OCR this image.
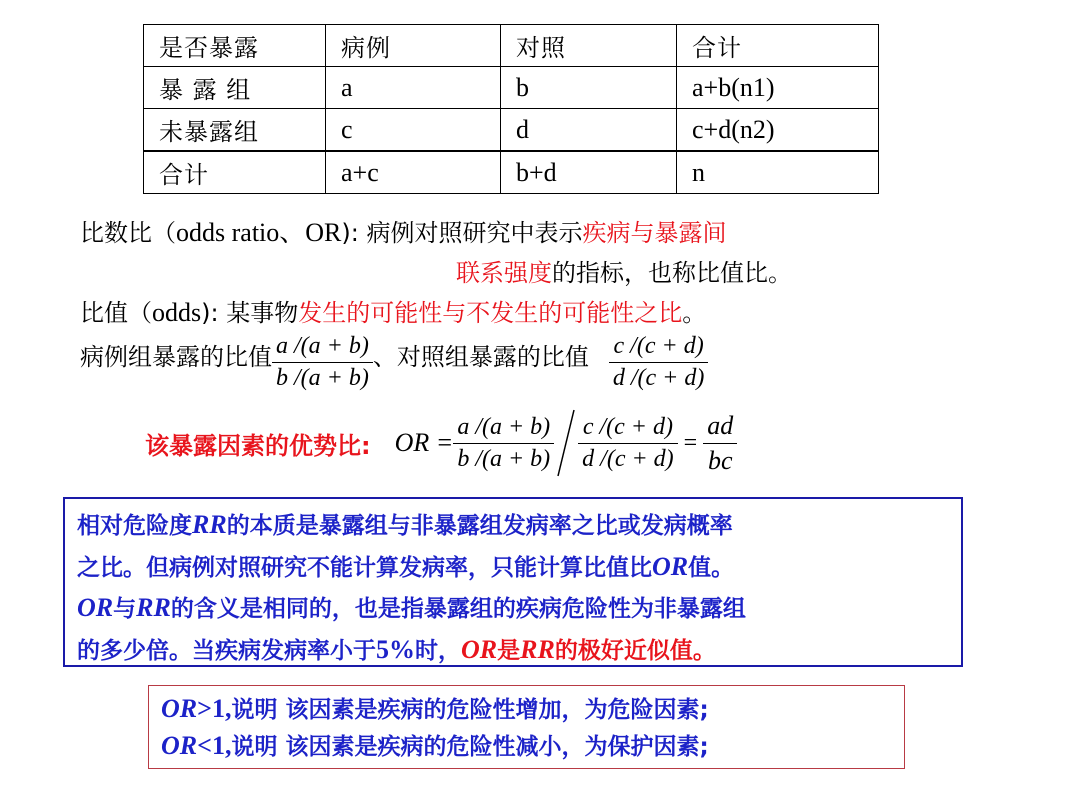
是否暴露	病例	对照	合计
暴 露 组	a	b	a+b(n1)
未暴露组	c	d	c+d(n2)
合计	a+c	b+d	n
比数比（odds ratio、OR): 病例对照研究中表示疾病与暴露间
联系强度的指标，也称比值比。
比值（odds): 某事物发生的可能性与不发生的可能性之比。
病例组暴露的比值 $\frac{a /(a + b)}{b /(a + b)}$ 、对照组暴露的比值 $\frac{c /(c + d)}{d /(c + d)}$
该暴露因素的优势比: OR = $\frac{a /(a + b)}{b /(a + b)} \frac{c /(c + d)}{d /(c + d)} = \frac{ad}{bc}$
相对危险度RR的本质是暴露组与非暴露组发病率之比或发病概率
之比。但病例对照研究不能计算发病率，只能计算比值比OR值。
OR与RR的含义是相同的，也是指暴露组的疾病危险性为非暴露组
的多少倍。当疾病发病率小于5%时，OR是RR的极好近似值。
OR>1,说明 该因素是疾病的危险性增加，为危险因素;
OR<1,说明 该因素是疾病的危险性减小，为保护因素;
